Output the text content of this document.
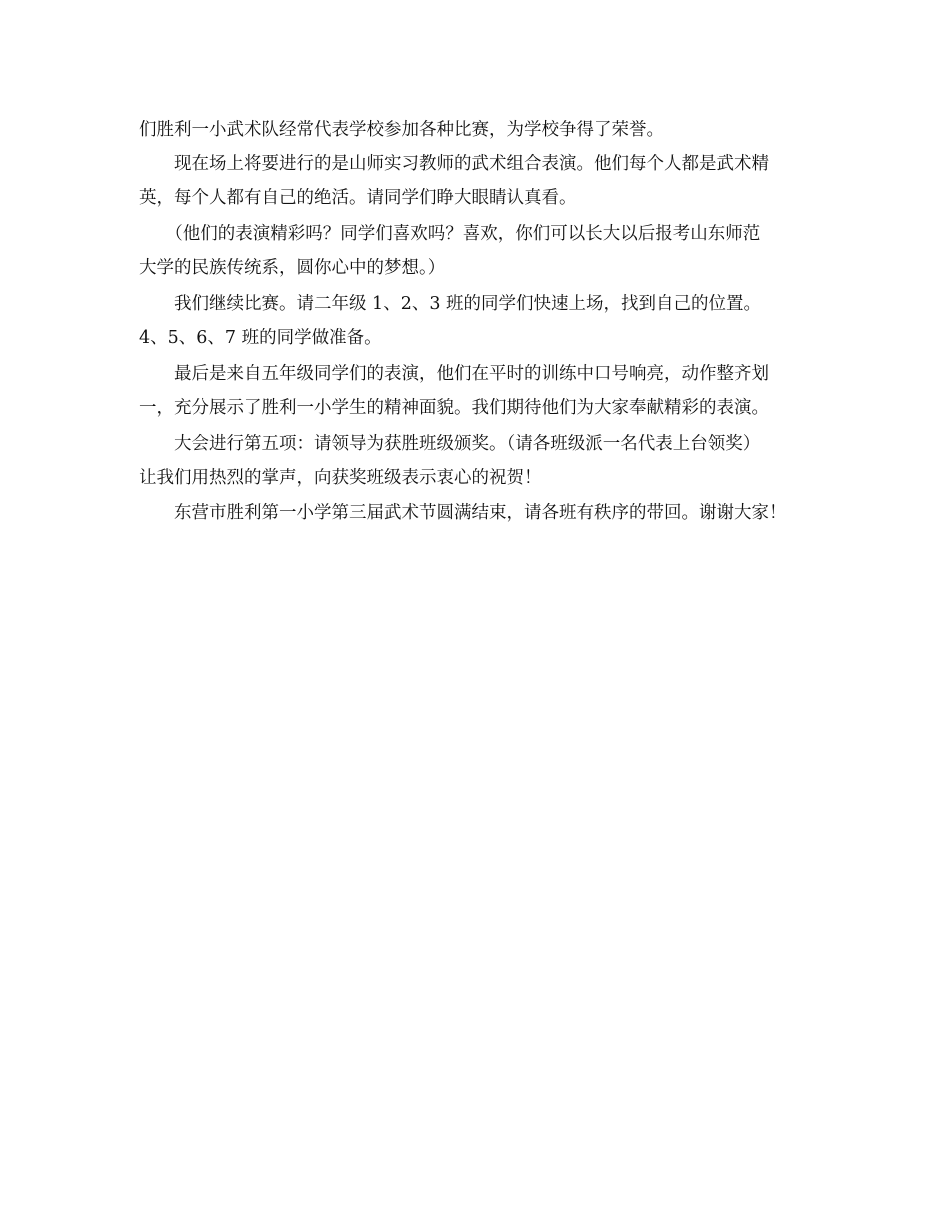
们胜利一小武术队经常代表学校参加各种比赛，为学校争得了荣誉。
　　现在场上将要进行的是山师实习教师的武术组合表演。他们每个人都是武术精
英，每个人都有自己的绝活。请同学们睁大眼睛认真看。
　　（他们的表演精彩吗？同学们喜欢吗？喜欢，你们可以长大以后报考山东师范
大学的民族传统系，圆你心中的梦想。）
　　我们继续比赛。请二年级 1、2、3 班的同学们快速上场，找到自己的位置。
4、5、6、7 班的同学做准备。
　　最后是来自五年级同学们的表演，他们在平时的训练中口号响亮，动作整齐划
一，充分展示了胜利一小学生的精神面貌。我们期待他们为大家奉献精彩的表演。
　　大会进行第五项：请领导为获胜班级颁奖。（请各班级派一名代表上台领奖）
让我们用热烈的掌声，向获奖班级表示衷心的祝贺！
　　东营市胜利第一小学第三届武术节圆满结束，请各班有秩序的带回。谢谢大家！
